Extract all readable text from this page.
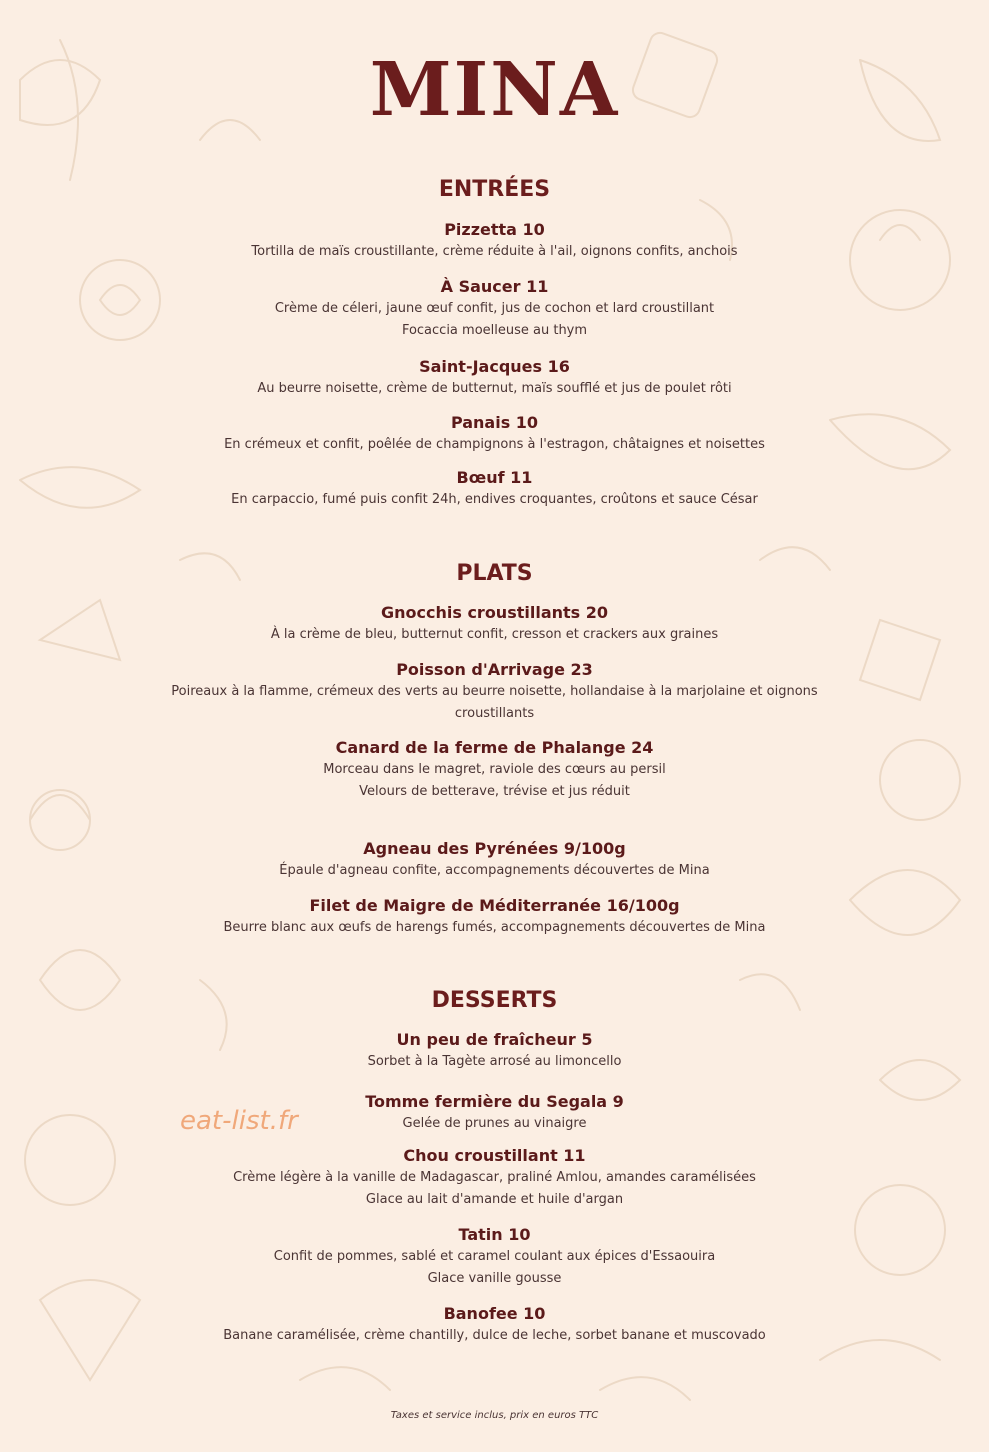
MINA
ENTRÉES
Pizzetta 10
Tortilla de maïs croustillante, crème réduite à l'ail, oignons confits, anchois
À Saucer 11
Crème de céleri, jaune œuf confit, jus de cochon et lard croustillant
Focaccia moelleuse au thym
Saint-Jacques 16
Au beurre noisette, crème de butternut, maïs soufflé et jus de poulet rôti
Panais 10
En crémeux et confit, poêlée de champignons à l'estragon, châtaignes et noisettes
Bœuf 11
En carpaccio, fumé puis confit 24h, endives croquantes, croûtons et sauce César
PLATS
Gnocchis croustillants 20
À la crème de bleu, butternut confit, cresson et crackers aux graines
Poisson d'Arrivage 23
Poireaux à la flamme, crémeux des verts au beurre noisette, hollandaise à la marjolaine et oignons
croustillants
Canard de la ferme de Phalange 24
Morceau dans le magret, raviole des cœurs au persil
Velours de betterave, trévise et jus réduit
Agneau des Pyrénées 9/100g
Épaule d'agneau confite, accompagnements découvertes de Mina
Filet de Maigre de Méditerranée 16/100g
Beurre blanc aux œufs de harengs fumés, accompagnements découvertes de Mina
DESSERTS
Un peu de fraîcheur 5
Sorbet à la Tagète arrosé au limoncello
Tomme fermière du Segala 9
Gelée de prunes au vinaigre
Chou croustillant 11
Crème légère à la vanille de Madagascar, praliné Amlou, amandes caramélisées
Glace au lait d'amande et huile d'argan
Tatin 10
Confit de pommes, sablé et caramel coulant aux épices d'Essaouira
Glace vanille gousse
Banofee 10
Banane caramélisée, crème chantilly, dulce de leche, sorbet banane et muscovado
eat-list.fr
Taxes et service inclus, prix en euros TTC
